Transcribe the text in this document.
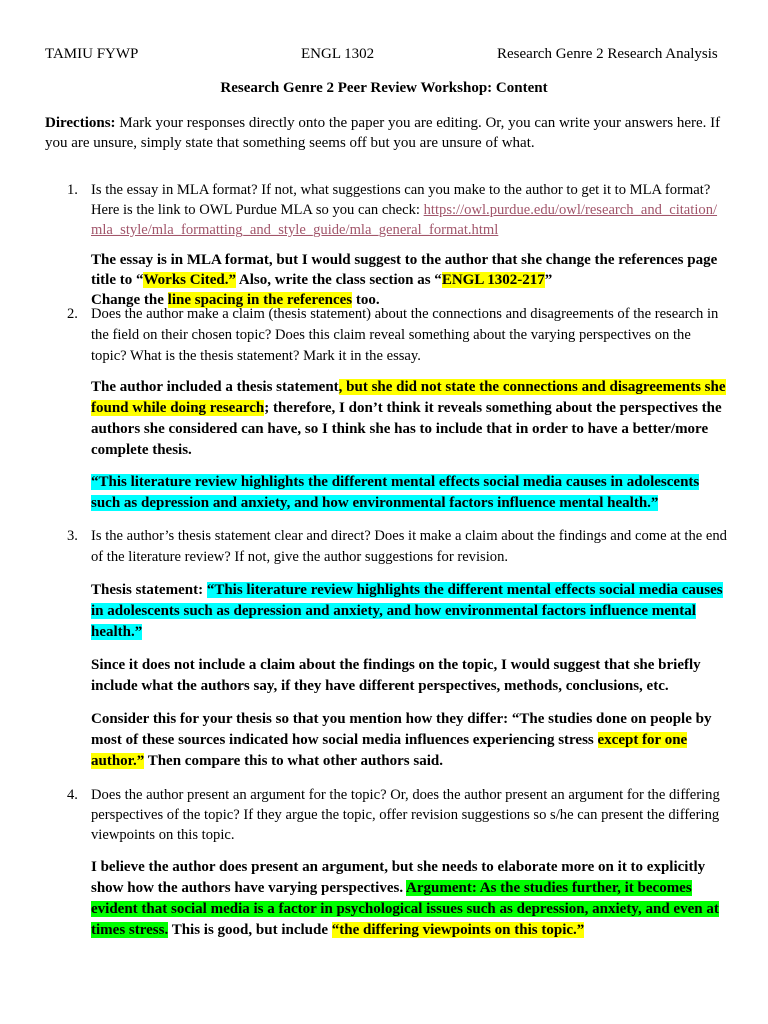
TAMIU FYWP	ENGL 1302	Research Genre 2 Research Analysis
Research Genre 2 Peer Review Workshop: Content
Directions: Mark your responses directly onto the paper you are editing. Or, you can write your answers here. If you are unsure, simply state that something seems off but you are unsure of what.
1. Is the essay in MLA format? If not, what suggestions can you make to the author to get it to MLA format? Here is the link to OWL Purdue MLA so you can check: https://owl.purdue.edu/owl/research_and_citation/mla_style/mla_formatting_and_style_guide/mla_general_format.html
The essay is in MLA format, but I would suggest to the author that she change the references page title to “Works Cited.” Also, write the class section as “ENGL 1302-217”
Change the line spacing in the references too.
2. Does the author make a claim (thesis statement) about the connections and disagreements of the research in the field on their chosen topic? Does this claim reveal something about the varying perspectives on the topic? What is the thesis statement? Mark it in the essay.
The author included a thesis statement, but she did not state the connections and disagreements she found while doing research; therefore, I don’t think it reveals something about the perspectives the authors she considered can have, so I think she has to include that in order to have a better/more complete thesis.
“This literature review highlights the different mental effects social media causes in adolescents such as depression and anxiety, and how environmental factors influence mental health.”
3. Is the author’s thesis statement clear and direct? Does it make a claim about the findings and come at the end of the literature review? If not, give the author suggestions for revision.
Thesis statement: “This literature review highlights the different mental effects social media causes in adolescents such as depression and anxiety, and how environmental factors influence mental health.”
Since it does not include a claim about the findings on the topic, I would suggest that she briefly include what the authors say, if they have different perspectives, methods, conclusions, etc.
Consider this for your thesis so that you mention how they differ: “The studies done on people by most of these sources indicated how social media influences experiencing stress except for one author.” Then compare this to what other authors said.
4. Does the author present an argument for the topic? Or, does the author present an argument for the differing perspectives of the topic? If they argue the topic, offer revision suggestions so s/he can present the differing viewpoints on this topic.
I believe the author does present an argument, but she needs to elaborate more on it to explicitly show how the authors have varying perspectives. Argument: As the studies further, it becomes evident that social media is a factor in psychological issues such as depression, anxiety, and even at times stress. This is good, but include “the differing viewpoints on this topic.”
